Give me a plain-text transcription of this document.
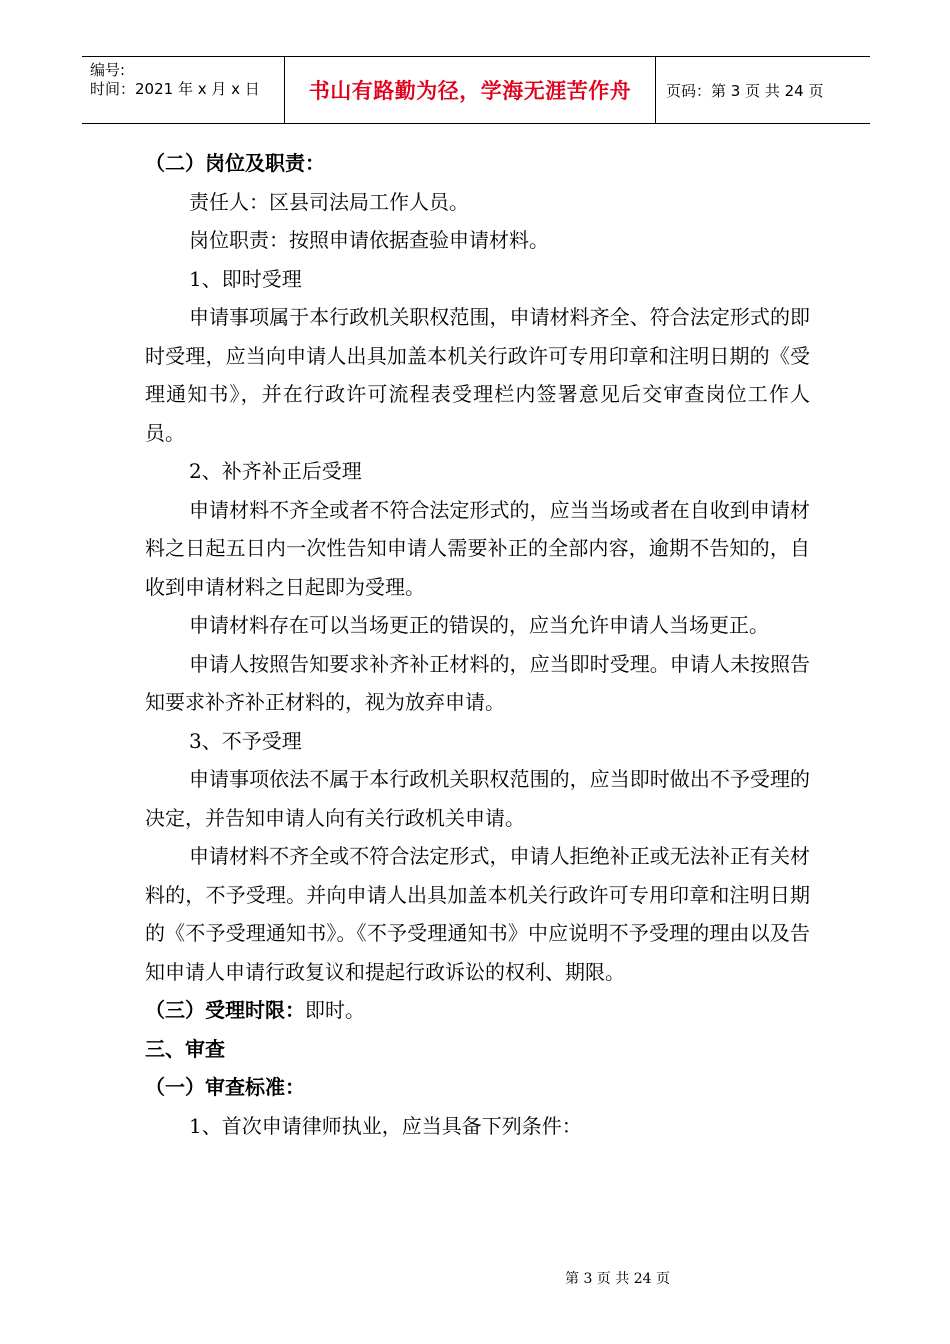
编号:
时间：2021 年 x 月 x 日	书山有路勤为径，学海无涯苦作舟	页码：第 3 页 共 24 页

（二）岗位及职责：

责任人：区县司法局工作人员。

岗位职责：按照申请依据查验申请材料。

1、即时受理

申请事项属于本行政机关职权范围，申请材料齐全、符合法定形式的即时受理，应当向申请人出具加盖本机关行政许可专用印章和注明日期的《受理通知书》，并在行政许可流程表受理栏内签署意见后交审查岗位工作人员。

2、补齐补正后受理

申请材料不齐全或者不符合法定形式的，应当当场或者在自收到申请材料之日起五日内一次性告知申请人需要补正的全部内容，逾期不告知的，自收到申请材料之日起即为受理。

申请材料存在可以当场更正的错误的，应当允许申请人当场更正。

申请人按照告知要求补齐补正材料的，应当即时受理。申请人未按照告知要求补齐补正材料的，视为放弃申请。

3、不予受理

申请事项依法不属于本行政机关职权范围的，应当即时做出不予受理的决定，并告知申请人向有关行政机关申请。

申请材料不齐全或不符合法定形式，申请人拒绝补正或无法补正有关材料的，不予受理。并向申请人出具加盖本机关行政许可专用印章和注明日期的《不予受理通知书》。《不予受理通知书》中应说明不予受理的理由以及告知申请人申请行政复议和提起行政诉讼的权利、期限。

（三）受理时限：即时。

三、审查

（一）审查标准：

1、首次申请律师执业，应当具备下列条件：

第 3 页 共 24 页
